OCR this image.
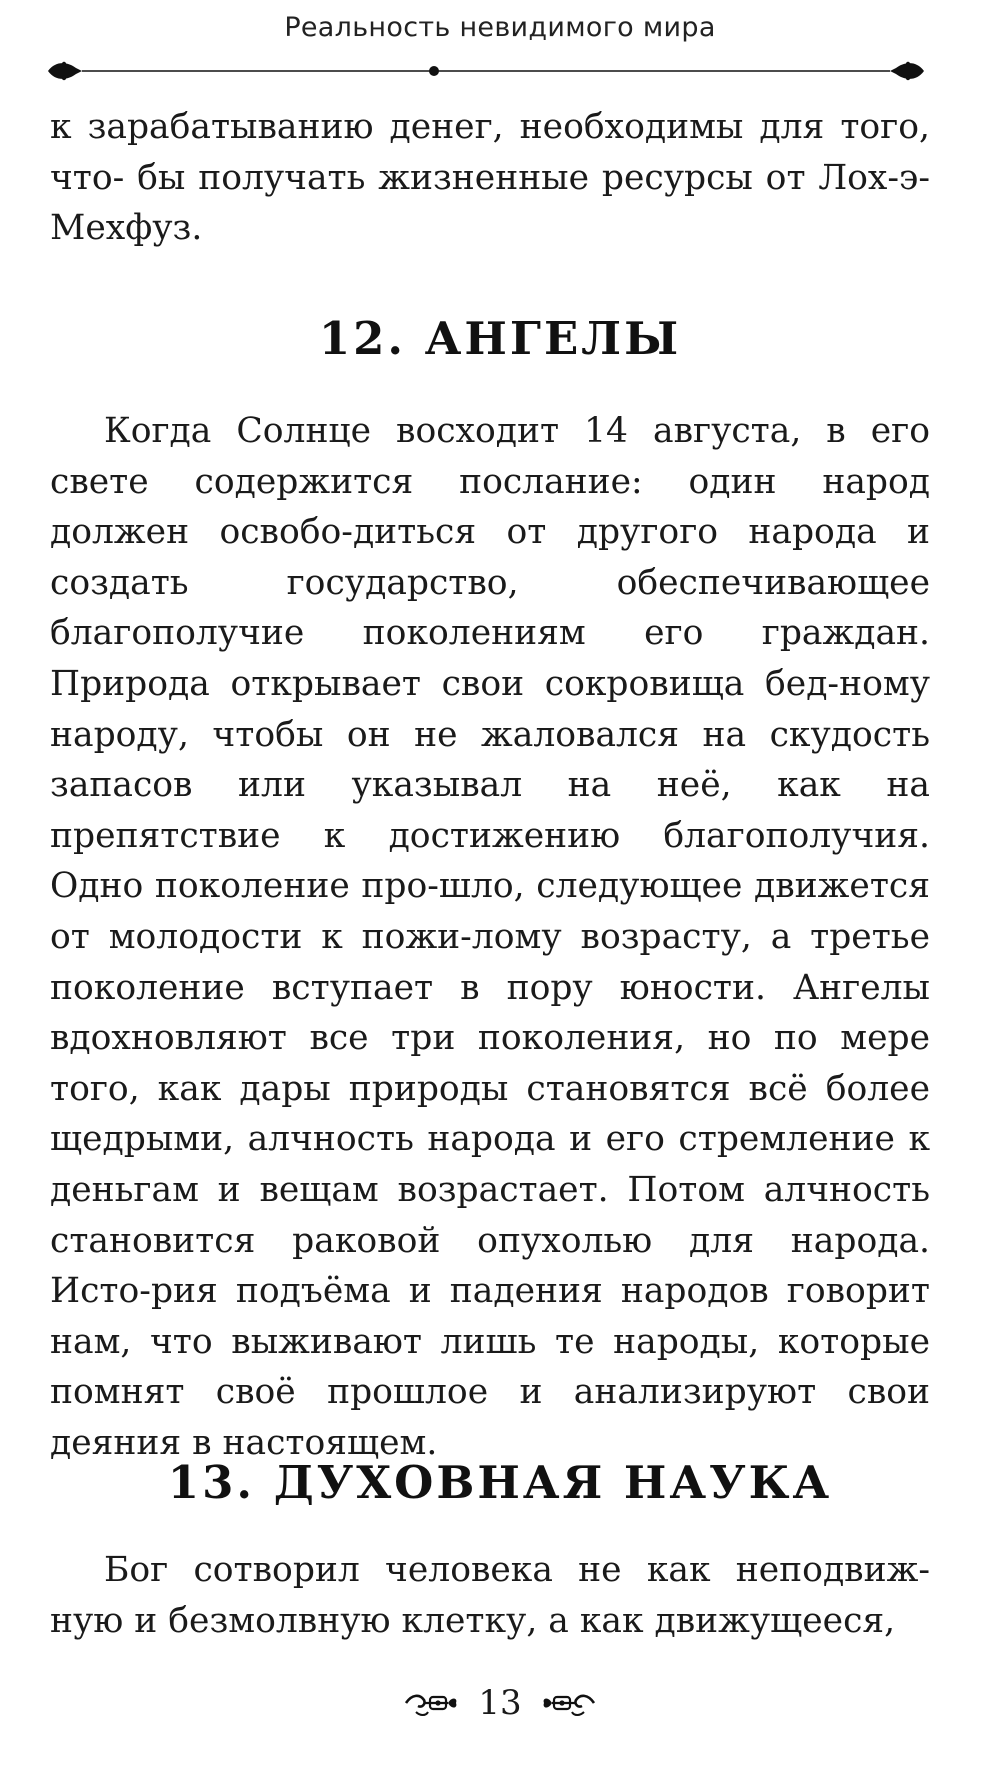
Реальность невидимого мира

к зарабатыванию денег, необходимы для того, что- бы получать жизненные ресурсы от Лох-э-Мехфуз.

12. АНГЕЛЫ

Когда Солнце восходит 14 августа, в его свете содержится послание: один народ должен освобо-диться от другого народа и создать государство, обеспечивающее благополучие поколениям его граждан. Природа открывает свои сокровища бед-ному народу, чтобы он не жаловался на скудость запасов или указывал на неё, как на препятствие к достижению благополучия. Одно поколение про-шло, следующее движется от молодости к пожи-лому возрасту, а третье поколение вступает в пору юности. Ангелы вдохновляют все три поколения, но по мере того, как дары природы становятся всё более щедрыми, алчность народа и его стремление к деньгам и вещам возрастает. Потом алчность становится раковой опухолью для народа. Исто-рия подъёма и падения народов говорит нам, что выживают лишь те народы, которые помнят своё прошлое и анализируют свои деяния в настоящем.

13. ДУХОВНАЯ НАУКА

Бог сотворил человека не как неподвиж-ную и безмолвную клетку, а как движущееся,

13
